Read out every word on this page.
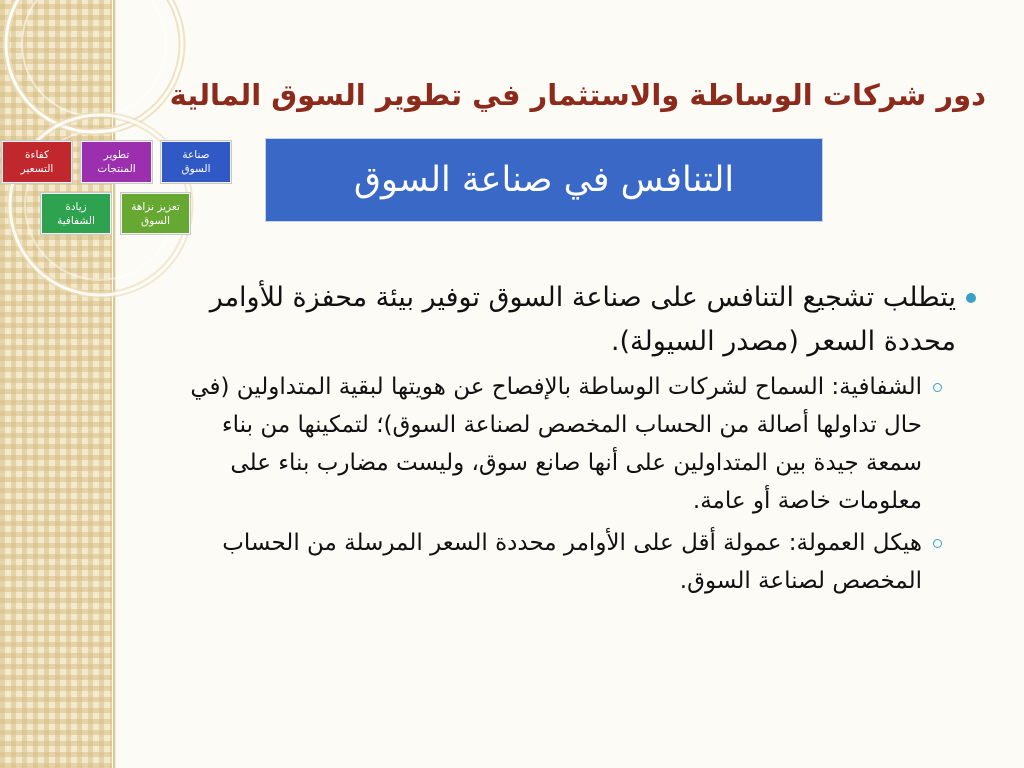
دور شركات الوساطة والاستثمار في تطوير السوق المالية
صناعة
السوق
تطوير
المنتجات
كفاءة
التسعير
تعزيز نزاهة
السوق
زيادة
الشفافية
التنافس في صناعة السوق

يتطلب تشجيع التنافس على صناعة السوق توفير بيئة محفزة للأوامر محددة السعر (مصدر السيولة).

الشفافية: السماح لشركات الوساطة بالإفصاح عن هويتها لبقية المتداولين (في حال تداولها أصالة من الحساب المخصص لصناعة السوق)؛ لتمكينها من بناء سمعة جيدة بين المتداولين على أنها صانع سوق، وليست مضارب بناء على معلومات خاصة أو عامة.

هيكل العمولة: عمولة أقل على الأوامر محددة السعر المرسلة من الحساب المخصص لصناعة السوق.
